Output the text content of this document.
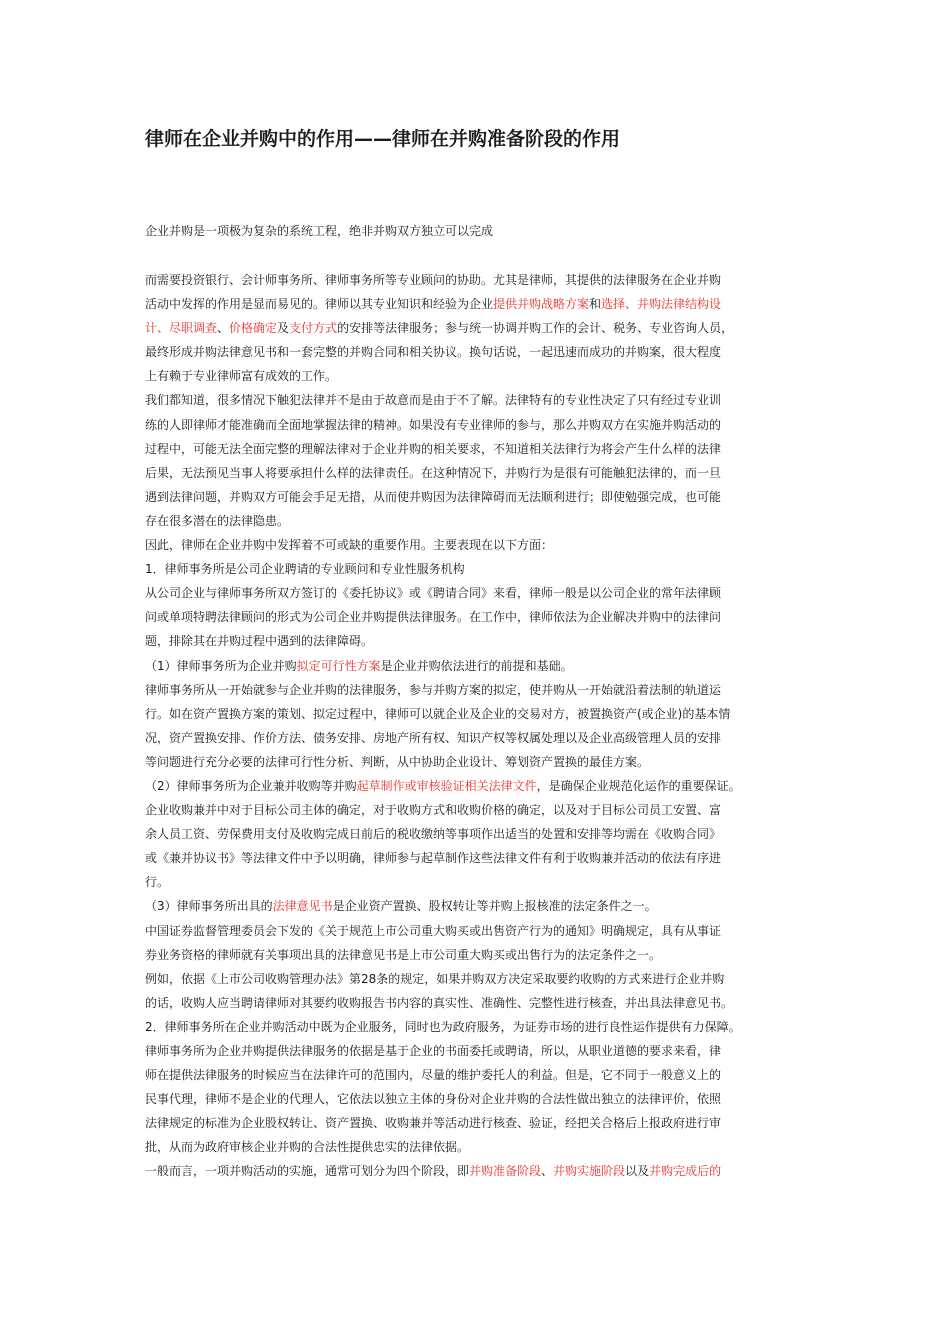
律师在企业并购中的作用——律师在并购准备阶段的作用

企业并购是一项极为复杂的系统工程，绝非并购双方独立可以完成

而需要投资银行、会计师事务所、律师事务所等专业顾问的协助。尤其是律师，其提供的法律服务在企业并购

活动中发挥的作用是显而易见的。律师以其专业知识和经验为企业提供并购战略方案和选择、并购法律结构设

计、尽职调查、价格确定及支付方式的安排等法律服务；参与统一协调并购工作的会计、税务、专业咨询人员，

最终形成并购法律意见书和一套完整的并购合同和相关协议。换句话说，一起迅速而成功的并购案，很大程度

上有赖于专业律师富有成效的工作。

我们都知道，很多情况下触犯法律并不是由于故意而是由于不了解。法律特有的专业性决定了只有经过专业训

练的人即律师才能准确而全面地掌握法律的精神。如果没有专业律师的参与，那么并购双方在实施并购活动的

过程中，可能无法全面完整的理解法律对于企业并购的相关要求，不知道相关法律行为将会产生什么样的法律

后果，无法预见当事人将要承担什么样的法律责任。在这种情况下，并购行为是很有可能触犯法律的，而一旦

遇到法律问题，并购双方可能会手足无措，从而使并购因为法律障碍而无法顺利进行；即使勉强完成，也可能

存在很多潜在的法律隐患。

因此，律师在企业并购中发挥着不可或缺的重要作用。主要表现在以下方面：

1．律师事务所是公司企业聘请的专业顾问和专业性服务机构

从公司企业与律师事务所双方签订的《委托协议》或《聘请合同》来看，律师一般是以公司企业的常年法律顾

问或单项特聘法律顾问的形式为公司企业并购提供法律服务。在工作中，律师依法为企业解决并购中的法律问

题，排除其在并购过程中遇到的法律障碍。

（1）律师事务所为企业并购拟定可行性方案是企业并购依法进行的前提和基础。

律师事务所从一开始就参与企业并购的法律服务，参与并购方案的拟定，使并购从一开始就沿着法制的轨道运

行。如在资产置换方案的策划、拟定过程中，律师可以就企业及企业的交易对方，被置换资产(或企业)的基本情

况，资产置换安排、作价方法、债务安排、房地产所有权、知识产权等权属处理以及企业高级管理人员的安排

等问题进行充分必要的法律可行性分析、判断，从中协助企业设计、筹划资产置换的最佳方案。

（2）律师事务所为企业兼并收购等并购起草制作或审核验证相关法律文件，是确保企业规范化运作的重要保证。

企业收购兼并中对于目标公司主体的确定，对于收购方式和收购价格的确定，以及对于目标公司员工安置、富

余人员工资、劳保费用支付及收购完成日前后的税收缴纳等事项作出适当的处置和安排等均需在《收购合同》

或《兼并协议书》等法律文件中予以明确，律师参与起草制作这些法律文件有利于收购兼并活动的依法有序进

行。

（3）律师事务所出具的法律意见书是企业资产置换、股权转让等并购上报核准的法定条件之一。

中国证券监督管理委员会下发的《关于规范上市公司重大购买或出售资产行为的通知》明确规定，具有从事证

券业务资格的律师就有关事项出具的法律意见书是上市公司重大购买或出售行为的法定条件之一。

例如，依据《上市公司收购管理办法》第28条的规定，如果并购双方决定采取要约收购的方式来进行企业并购

的话，收购人应当聘请律师对其要约收购报告书内容的真实性、准确性、完整性进行核查，并出具法律意见书。

2．律师事务所在企业并购活动中既为企业服务，同时也为政府服务，为证券市场的进行良性运作提供有力保障。

律师事务所为企业并购提供法律服务的依据是基于企业的书面委托或聘请，所以，从职业道德的要求来看，律

师在提供法律服务的时候应当在法律许可的范围内，尽量的维护委托人的利益。但是，它不同于一般意义上的

民事代理，律师不是企业的代理人，它依法以独立主体的身份对企业并购的合法性做出独立的法律评价，依照

法律规定的标准为企业股权转让、资产置换、收购兼并等活动进行核查、验证，经把关合格后上报政府进行审

批，从而为政府审核企业并购的合法性提供忠实的法律依据。

一般而言，一项并购活动的实施，通常可划分为四个阶段，即并购准备阶段、并购实施阶段以及并购完成后的
